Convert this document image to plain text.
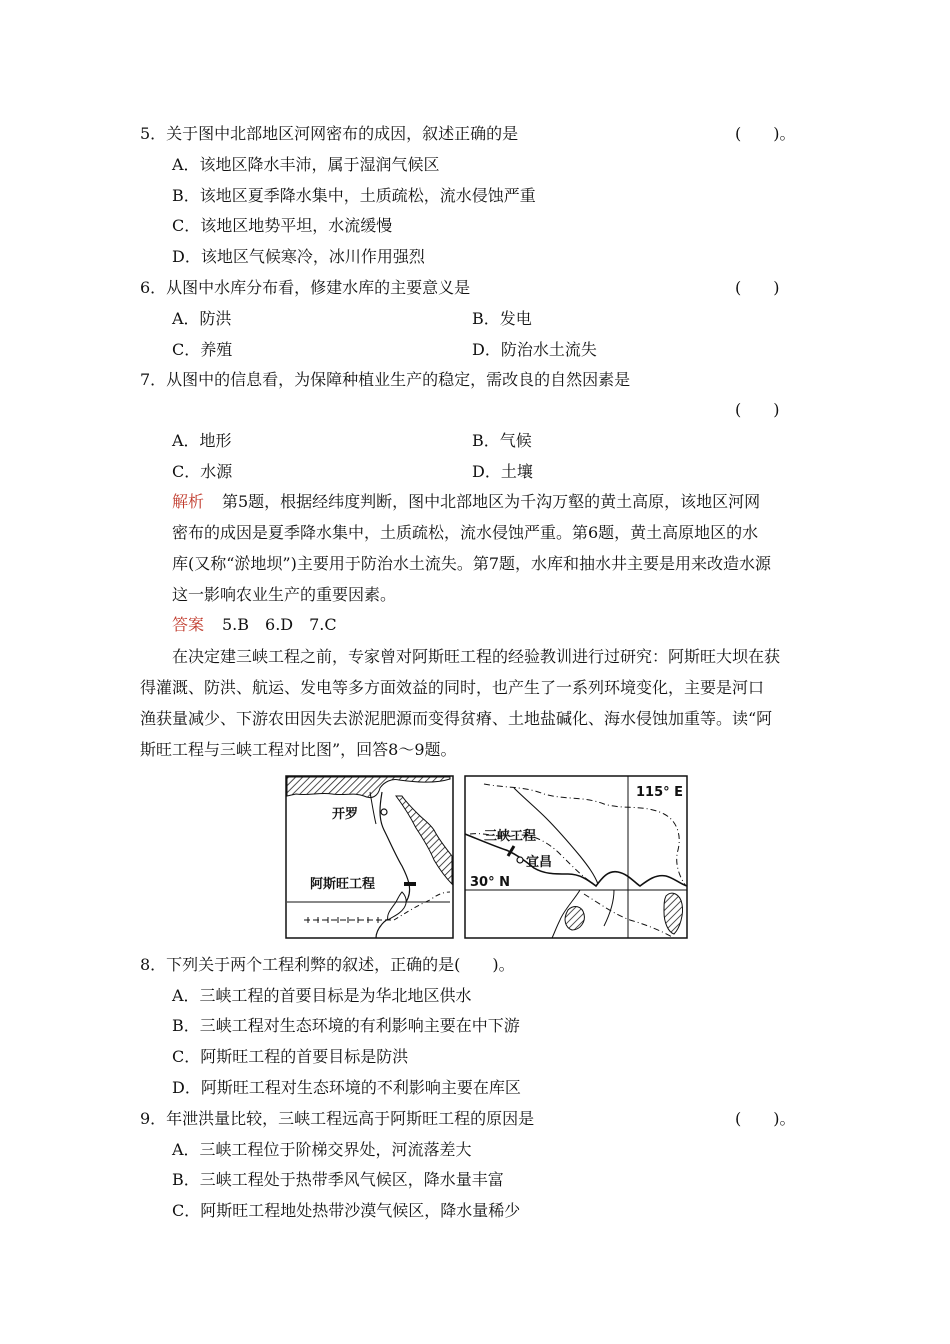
5．关于图中北部地区河网密布的成因，叙述正确的是	(　　)。
A．该地区降水丰沛，属于湿润气候区
B．该地区夏季降水集中，土质疏松，流水侵蚀严重
C．该地区地势平坦，水流缓慢
D．该地区气候寒冷，冰川作用强烈
6．从图中水库分布看，修建水库的主要意义是	(　　)
A．防洪	B．发电
C．养殖	D．防治水土流失
7．从图中的信息看，为保障种植业生产的稳定，需改良的自然因素是
(　　)
A．地形	B．气候
C．水源	D．土壤
解析 第5题，根据经纬度判断，图中北部地区为千沟万壑的黄土高原，该地区河网
密布的成因是夏季降水集中，土质疏松，流水侵蚀严重。第6题，黄土高原地区的水
库(又称“淤地坝”)主要用于防治水土流失。第7题，水库和抽水井主要是用来改造水源
这一影响农业生产的重要因素。
答案 5.B　6.D　7.C
在决定建三峡工程之前，专家曾对阿斯旺工程的经验教训进行过研究：阿斯旺大坝在获
得灌溉、防洪、航运、发电等多方面效益的同时，也产生了一系列环境变化，主要是河口
渔获量减少、下游农田因失去淤泥肥源而变得贫瘠、土地盐碱化、海水侵蚀加重等。读“阿
斯旺工程与三峡工程对比图”，回答8～9题。
开罗
阿斯旺工程
115° E
30° N
三峡工程
宜昌
8．下列关于两个工程利弊的叙述，正确的是(　　)。
A．三峡工程的首要目标是为华北地区供水
B．三峡工程对生态环境的有利影响主要在中下游
C．阿斯旺工程的首要目标是防洪
D．阿斯旺工程对生态环境的不利影响主要在库区
9．年泄洪量比较，三峡工程远高于阿斯旺工程的原因是	(　　)。
A．三峡工程位于阶梯交界处，河流落差大
B．三峡工程处于热带季风气候区，降水量丰富
C．阿斯旺工程地处热带沙漠气候区，降水量稀少
